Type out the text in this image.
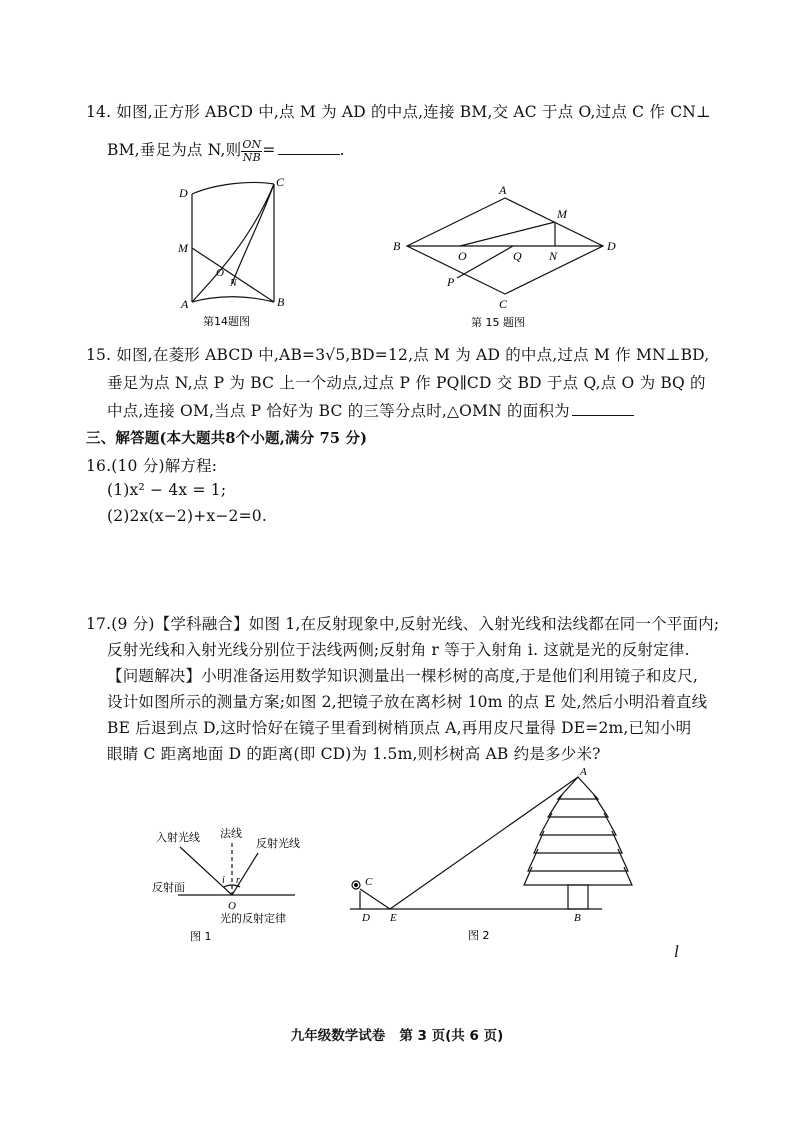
14. 如图,正方形 ABCD 中,点 M 为 AD 的中点,连接 BM,交 AC 于点 O,过点 C 作 CN⊥
BM,垂足为点 N,则 $\frac{ON}{NB}$ =	.
D
C
M
O
N
A	B
第14题图
A
M
B
O	Q N
D
P
C
第 15 题图
15. 如图,在菱形 ABCD 中,AB=3√5,BD=12,点 M 为 AD 的中点,过点 M 作 MN⊥BD,
垂足为点 N,点 P 为 BC 上一个动点,过点 P 作 PQ∥CD 交 BD 于点 Q,点 O 为 BQ 的
中点,连接 OM,当点 P 恰好为 BC 的三等分点时,△OMN 的面积为
三、解答题(本大题共8个小题,满分 75 分)
16.(10 分)解方程:
(1)x² − 4x = 1;
(2)2x(x−2)+x−2=0.
17.(9 分)【学科融合】如图 1,在反射现象中,反射光线、入射光线和法线都在同一个平面内;
反射光线和入射光线分别位于法线两侧;反射角 r 等于入射角 i. 这就是光的反射定律.
【问题解决】小明准备运用数学知识测量出一棵杉树的高度,于是他们利用镜子和皮尺,
设计如图所示的测量方案;如图 2,把镜子放在离杉树 10m 的点 E 处,然后小明沿着直线
BE 后退到点 D,这时恰好在镜子里看到树梢顶点 A,再用皮尺量得 DE=2m,已知小明
眼睛 C 距离地面 D 的距离(即 CD)为 1.5m,则杉树高 AB 约是多少米?
入射光线 法线
反射光线
反射面
i r
O
光的反射定律
图 1
A
C
D E	B
图 2
l
九年级数学试卷   第 3 页(共 6 页)
